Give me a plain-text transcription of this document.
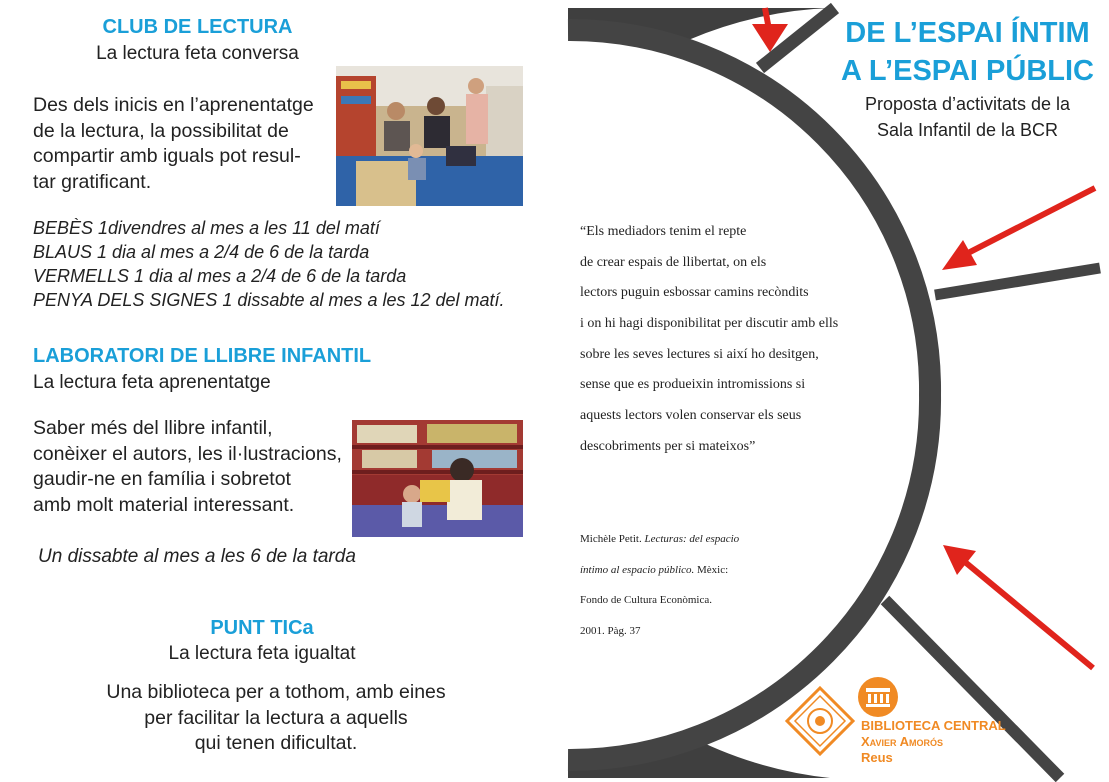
CLUB DE LECTURA
La lectura feta conversa
Des dels inicis en l’aprenentatge
de la lectura, la possibilitat de
compartir amb iguals pot resul-
tar gratificant.
BEBÈS 1divendres al mes a les 11 del matí
BLAUS 1 dia al mes a 2/4 de 6 de la tarda
VERMELLS 1 dia al mes a 2/4 de 6 de la tarda
PENYA DELS SIGNES 1 dissabte al mes a les 12 del matí.
LABORATORI DE LLIBRE INFANTIL
La lectura feta aprenentatge
Saber més del llibre infantil,
conèixer el autors, les il·lustracions,
gaudir-ne en família i sobretot
amb molt material interessant.
Un dissabte al mes a les 6 de la tarda
PUNT TICa
La lectura feta igualtat
Una biblioteca per a tothom, amb eines
per facilitar la lectura a aquells
qui tenen dificultat.
DE L’ESPAI ÍNTIM
A L’ESPAI PÚBLIC
Proposta d’activitats de la
Sala Infantil de la BCR
“Els mediadors tenim el repte
de crear espais de llibertat, on els
lectors puguin esbossar camins recòndits
i on hi hagi disponibilitat per discutir amb ells
sobre les seves lectures si així ho desitgen,
sense que es produeixin intromissions si
aquests lectors volen conservar els seus
descobriments per si mateixos”
Michèle Petit. Lecturas: del espacio
íntimo al espacio público. Mèxic:
Fondo de Cultura Econòmica.
2001. Pàg. 37
BIBLIOTECA CENTRAL
Xavier Amorós
Reus
